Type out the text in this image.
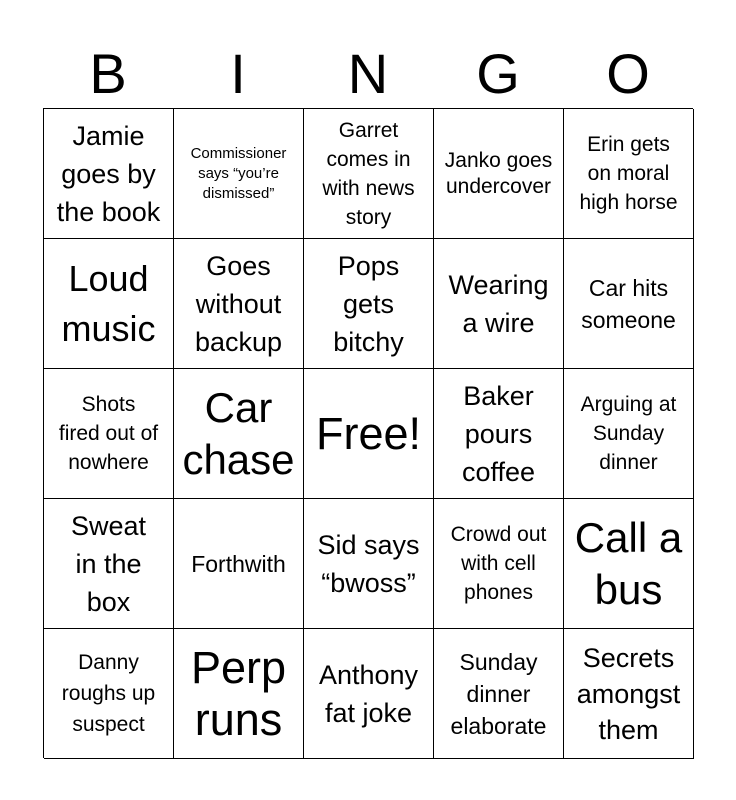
B	I	N	G	O
Jamie goes by the book
Commissioner says “you’re dismissed”
Garret comes in with news story
Janko goes undercover
Erin gets on moral high horse
Loud music
Goes without backup
Pops gets bitchy
Wearing a wire
Car hits someone
Shots fired out of nowhere
Car chase
Free!
Baker pours coffee
Arguing at Sunday dinner
Sweat in the box
Forthwith
Sid says “bwoss”
Crowd out with cell phones
Call a bus
Danny roughs up suspect
Perp runs
Anthony fat joke
Sunday dinner elaborate
Secrets amongst them
